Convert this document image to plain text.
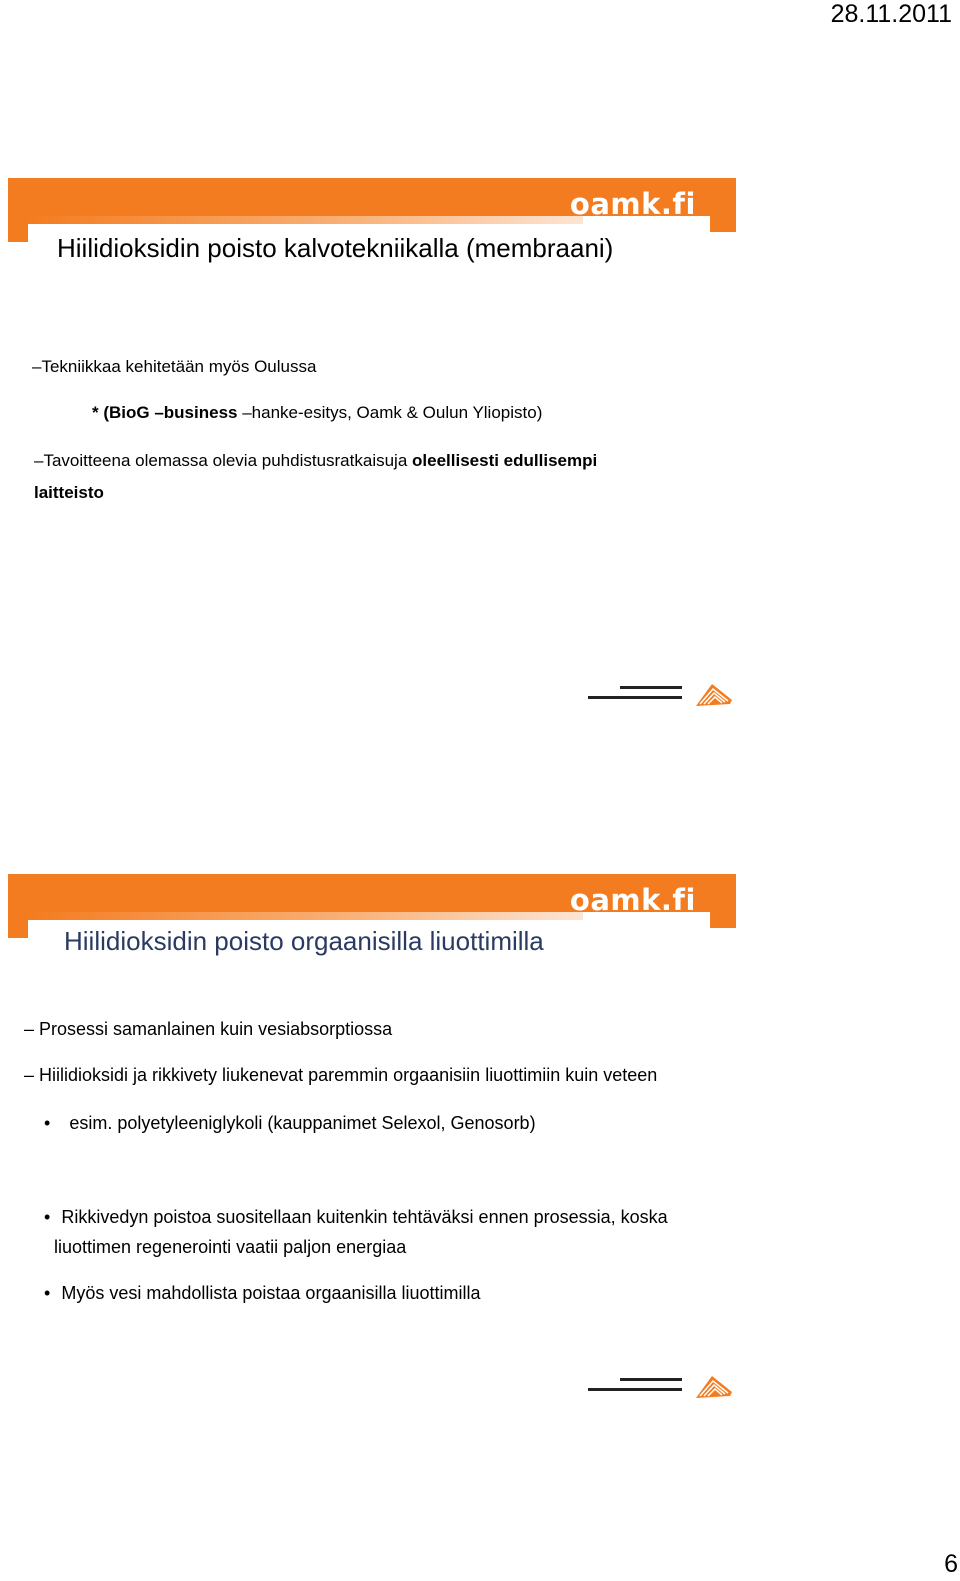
28.11.2011
oamk.fi
Hiilidioksidin poisto kalvotekniikalla (membraani)
–Tekniikkaa kehitetään myös Oulussa
* (BioG –business –hanke-esitys, Oamk & Oulun Yliopisto)
–Tavoitteena olemassa olevia puhdistusratkaisuja oleellisesti edullisempi
laitteisto
oamk.fi
Hiilidioksidin poisto orgaanisilla liuottimilla
– Prosessi samanlainen kuin vesiabsorptiossa
– Hiilidioksidi ja rikkivety liukenevat paremmin orgaanisiin liuottimiin kuin veteen
• esim. polyetyleeniglykoli (kauppanimet Selexol, Genosorb)
• Rikkivedyn poistoa suositellaan kuitenkin tehtäväksi ennen prosessia, koska
liuottimen regenerointi vaatii paljon energiaa
• Myös vesi mahdollista poistaa orgaanisilla liuottimilla
6
